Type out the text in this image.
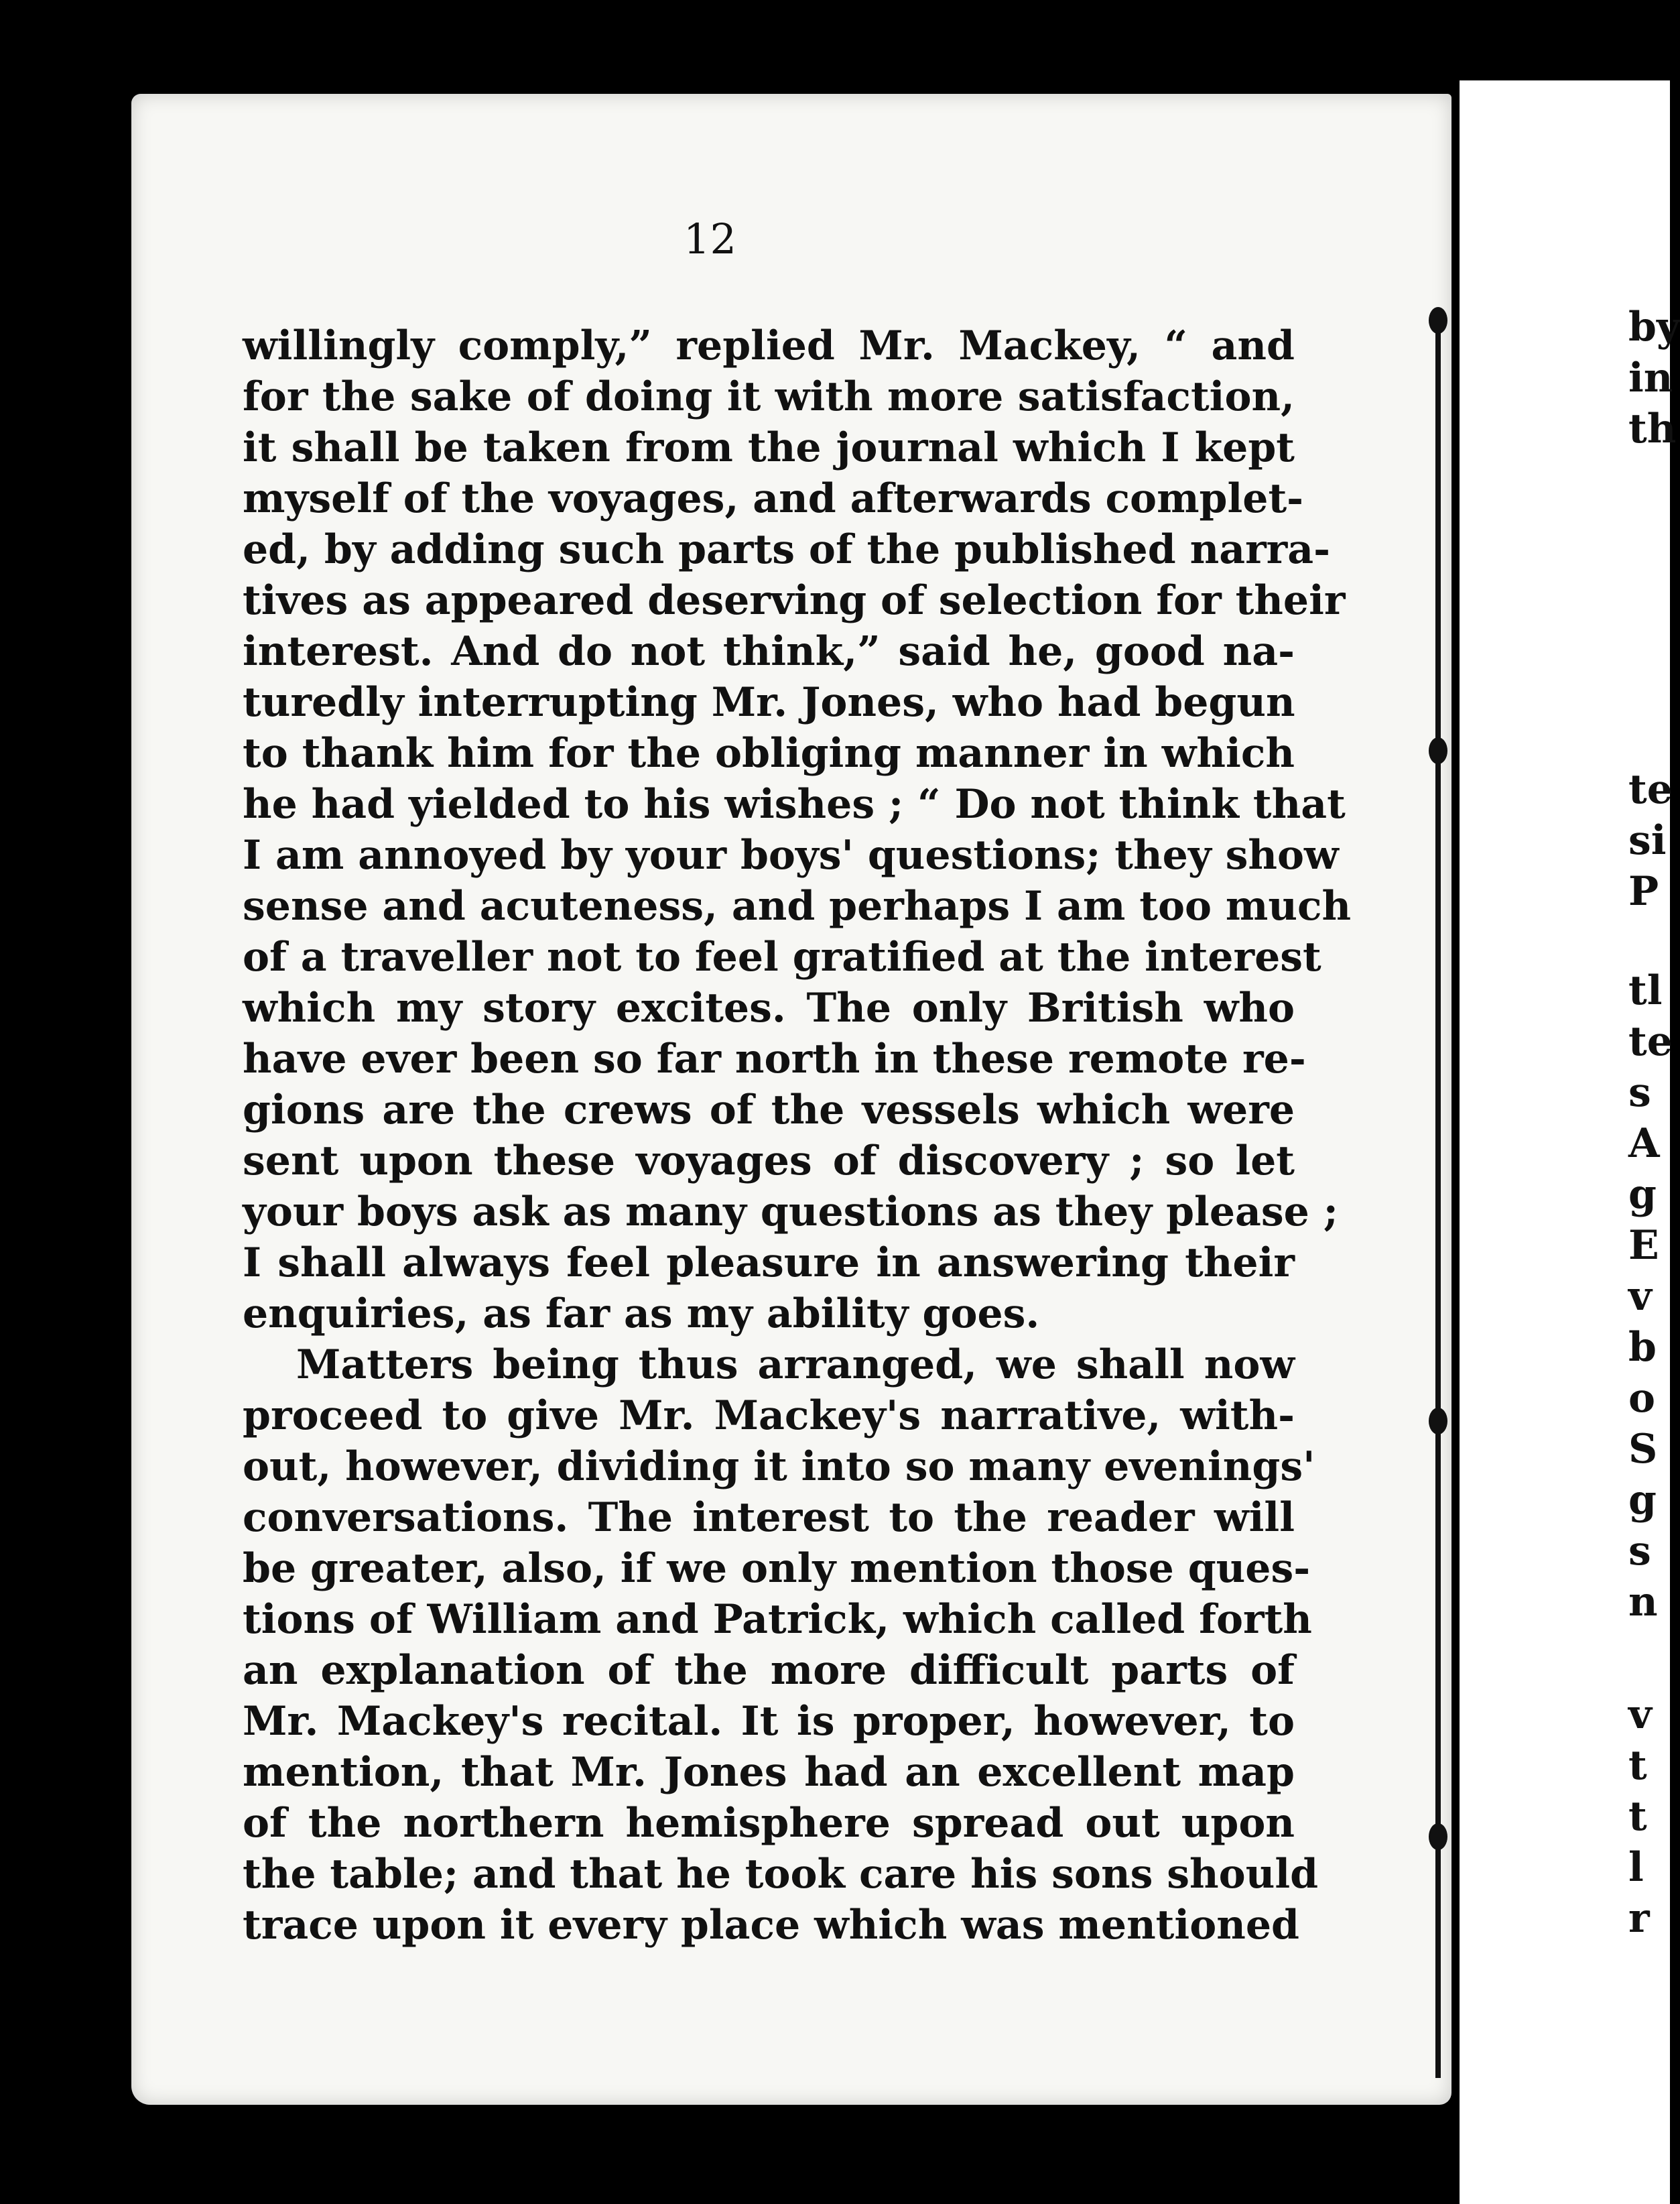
12
willingly comply,” replied Mr. Mackey, “ and
for the sake of doing it with more satisfaction,
it shall be taken from the journal which I kept
myself of the voyages, and afterwards complet-
ed, by adding such parts of the published narra-
tives as appeared deserving of selection for their
interest. And do not think,” said he, good na-
turedly interrupting Mr. Jones, who had begun
to thank him for the obliging manner in which
he had yielded to his wishes ; “ Do not think that
I am annoyed by your boys' questions; they show
sense and acuteness, and perhaps I am too much
of a traveller not to feel gratified at the interest
which my story excites. The only British who
have ever been so far north in these remote re-
gions are the crews of the vessels which were
sent upon these voyages of discovery ; so let
your boys ask as many questions as they please ;
I shall always feel pleasure in answering their
enquiries, as far as my ability goes.
Matters being thus arranged, we shall now
proceed to give Mr. Mackey's narrative, with-
out, however, dividing it into so many evenings'
conversations. The interest to the reader will
be greater, also, if we only mention those ques-
tions of William and Patrick, which called forth
an explanation of the more difficult parts of
Mr. Mackey's recital. It is proper, however, to
mention, that Mr. Jones had an excellent map
of the northern hemisphere spread out upon
the table; and that he took care his sons should
trace upon it every place which was mentioned
by
in
th
te
si
P
tl
te
s
A
g
E
v
b
o
S
g
s
n
v
t
t
l
r
